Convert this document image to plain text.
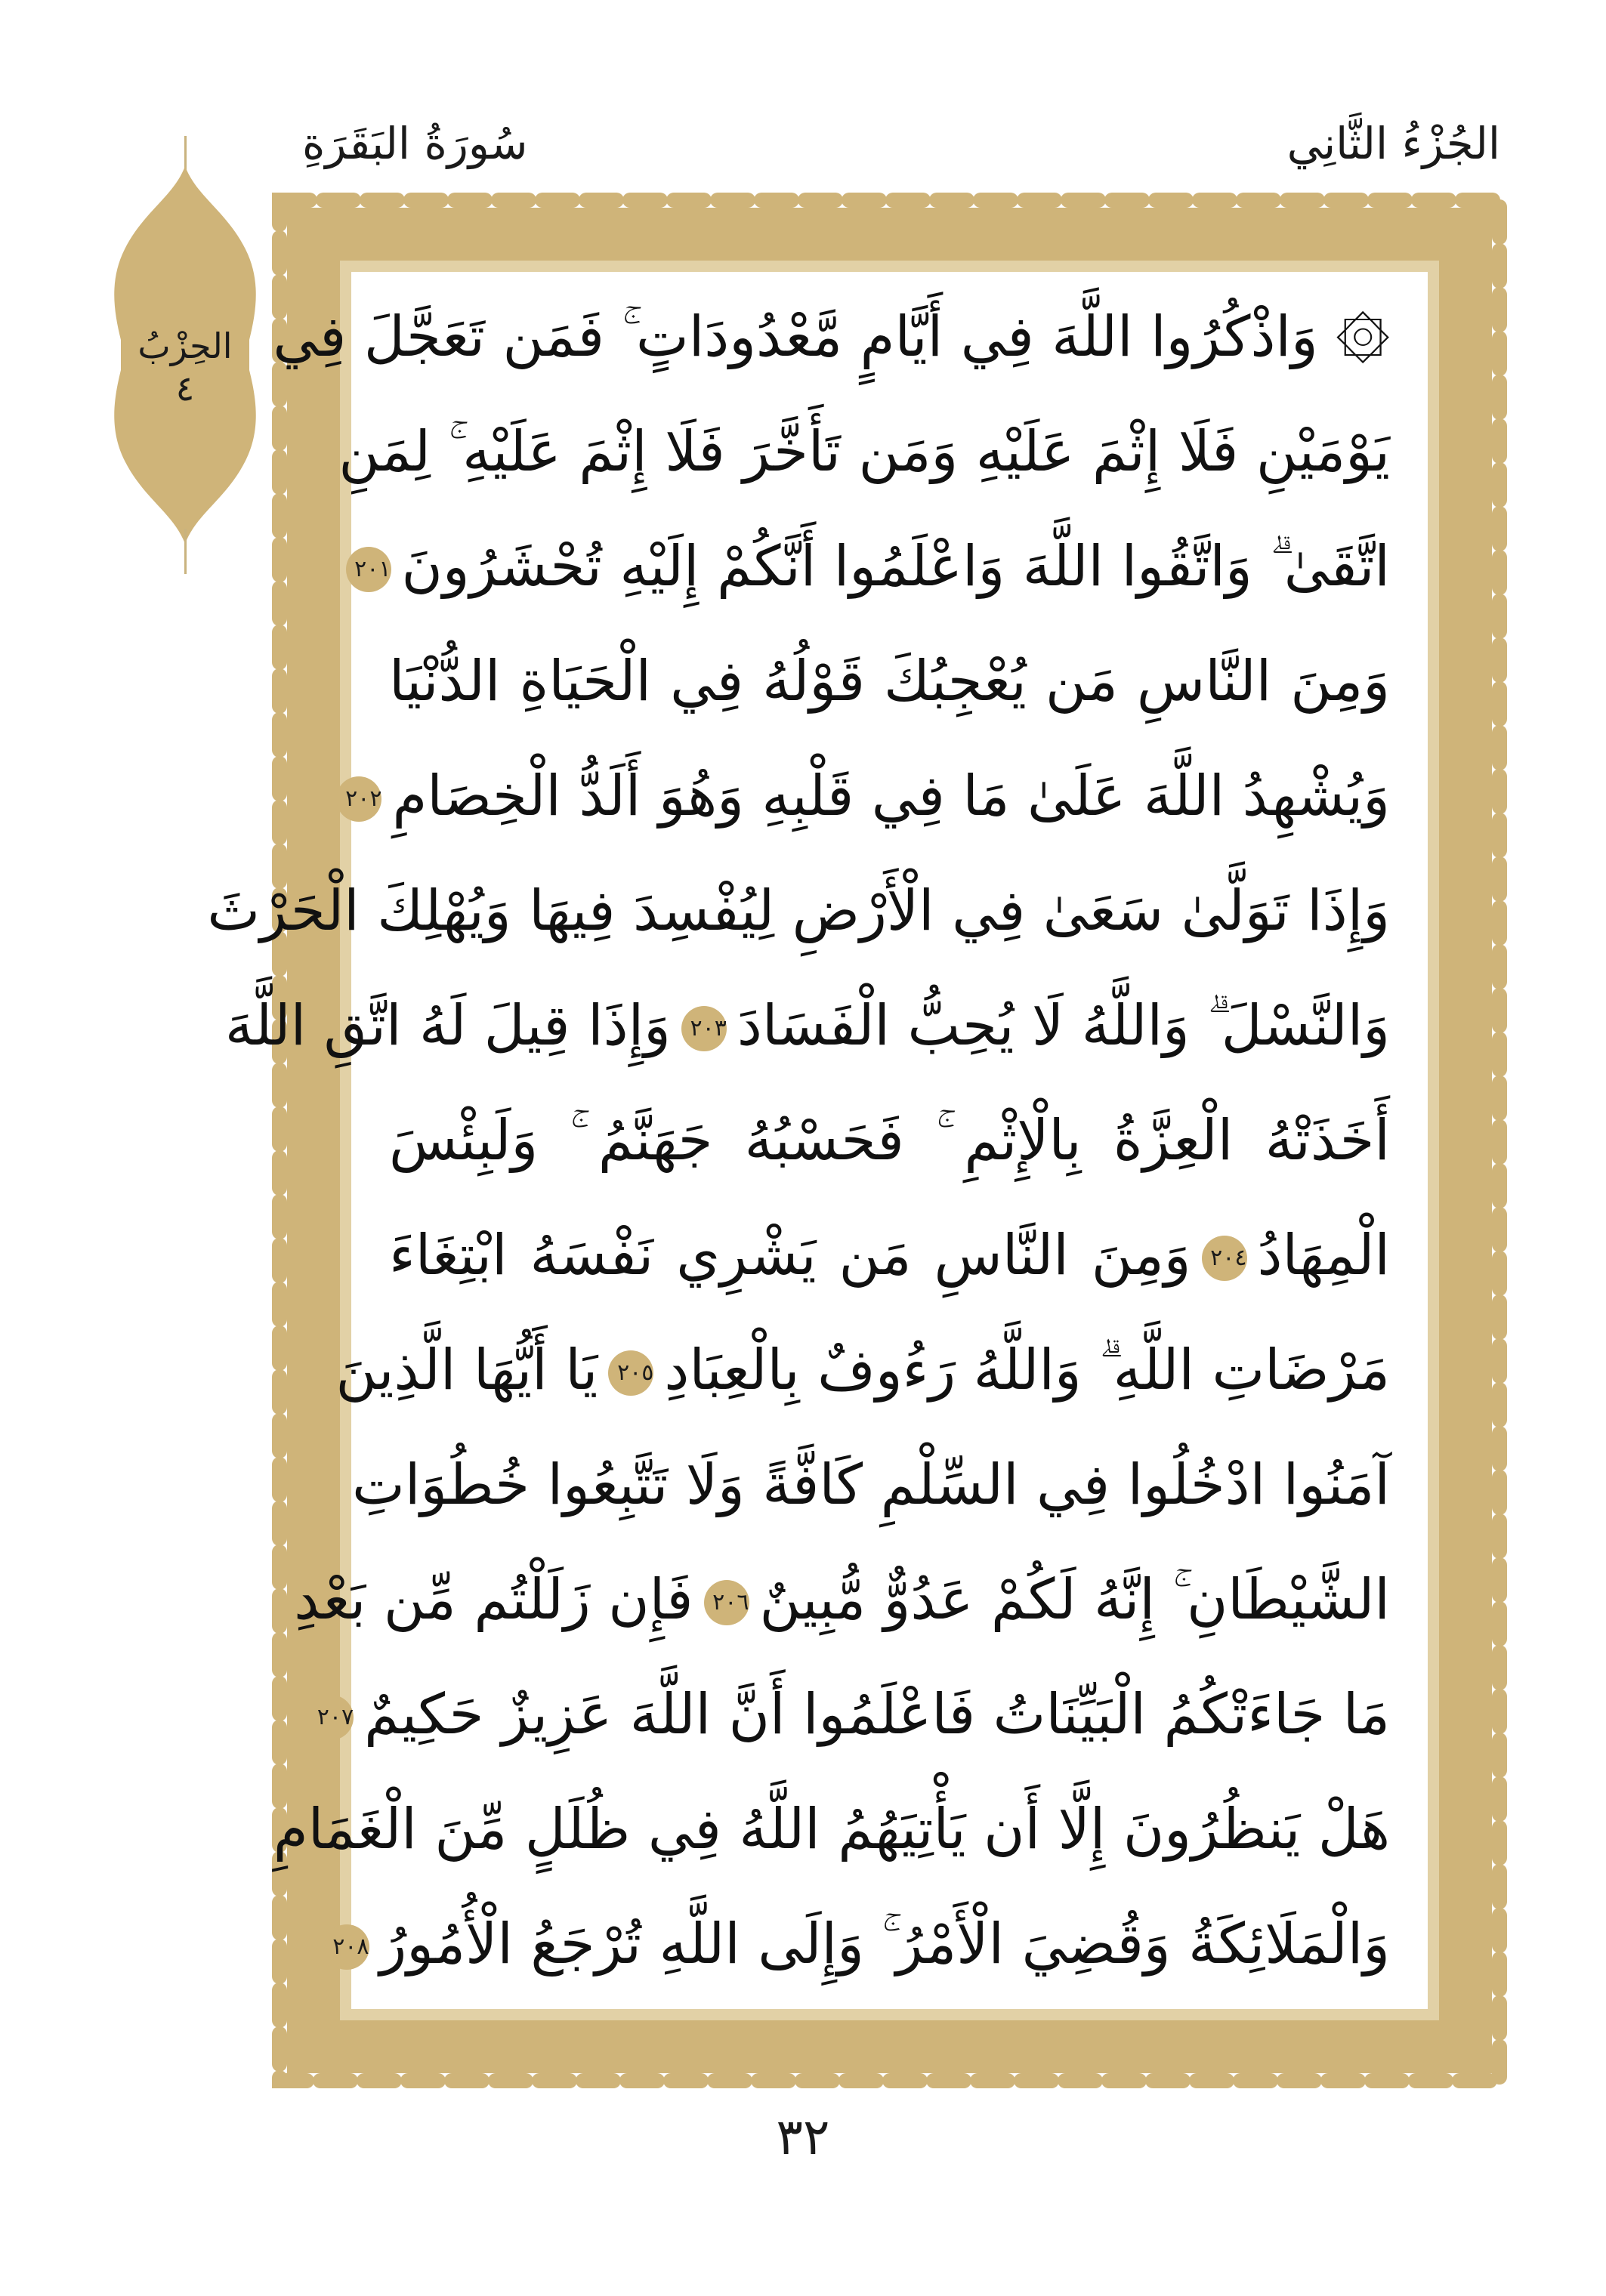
الجُزْءُ الثَّانِي
سُورَةُ البَقَرَةِ
الحِزْبُ
٤
۞ وَاذْكُرُوا اللَّهَ فِي أَيَّامٍ مَّعْدُودَاتٍ ۚ فَمَن تَعَجَّلَ فِي
يَوْمَيْنِ فَلَا إِثْمَ عَلَيْهِ وَمَن تَأَخَّرَ فَلَا إِثْمَ عَلَيْهِ ۚ لِمَنِ
اتَّقَىٰ ۗ وَاتَّقُوا اللَّهَ وَاعْلَمُوا أَنَّكُمْ إِلَيْهِ تُحْشَرُونَ٢٠١
وَمِنَ النَّاسِ مَن يُعْجِبُكَ قَوْلُهُ فِي الْحَيَاةِ الدُّنْيَا
وَيُشْهِدُ اللَّهَ عَلَىٰ مَا فِي قَلْبِهِ وَهُوَ أَلَدُّ الْخِصَامِ٢٠٢
وَإِذَا تَوَلَّىٰ سَعَىٰ فِي الْأَرْضِ لِيُفْسِدَ فِيهَا وَيُهْلِكَ الْحَرْثَ
وَالنَّسْلَ ۗ وَاللَّهُ لَا يُحِبُّ الْفَسَادَ٢٠٣وَإِذَا قِيلَ لَهُ اتَّقِ اللَّهَ
أَخَذَتْهُ الْعِزَّةُ بِالْإِثْمِ ۚ فَحَسْبُهُ جَهَنَّمُ ۚ وَلَبِئْسَ
الْمِهَادُ٢٠٤وَمِنَ النَّاسِ مَن يَشْرِي نَفْسَهُ ابْتِغَاءَ
مَرْضَاتِ اللَّهِ ۗ وَاللَّهُ رَءُوفٌ بِالْعِبَادِ٢٠٥يَا أَيُّهَا الَّذِينَ
آمَنُوا ادْخُلُوا فِي السِّلْمِ كَافَّةً وَلَا تَتَّبِعُوا خُطُوَاتِ
الشَّيْطَانِ ۚ إِنَّهُ لَكُمْ عَدُوٌّ مُّبِينٌ٢٠٦فَإِن زَلَلْتُم مِّن بَعْدِ
مَا جَاءَتْكُمُ الْبَيِّنَاتُ فَاعْلَمُوا أَنَّ اللَّهَ عَزِيزٌ حَكِيمٌ٢٠٧
هَلْ يَنظُرُونَ إِلَّا أَن يَأْتِيَهُمُ اللَّهُ فِي ظُلَلٍ مِّنَ الْغَمَامِ
وَالْمَلَائِكَةُ وَقُضِيَ الْأَمْرُ ۚ وَإِلَى اللَّهِ تُرْجَعُ الْأُمُورُ٢٠٨
٣٢
